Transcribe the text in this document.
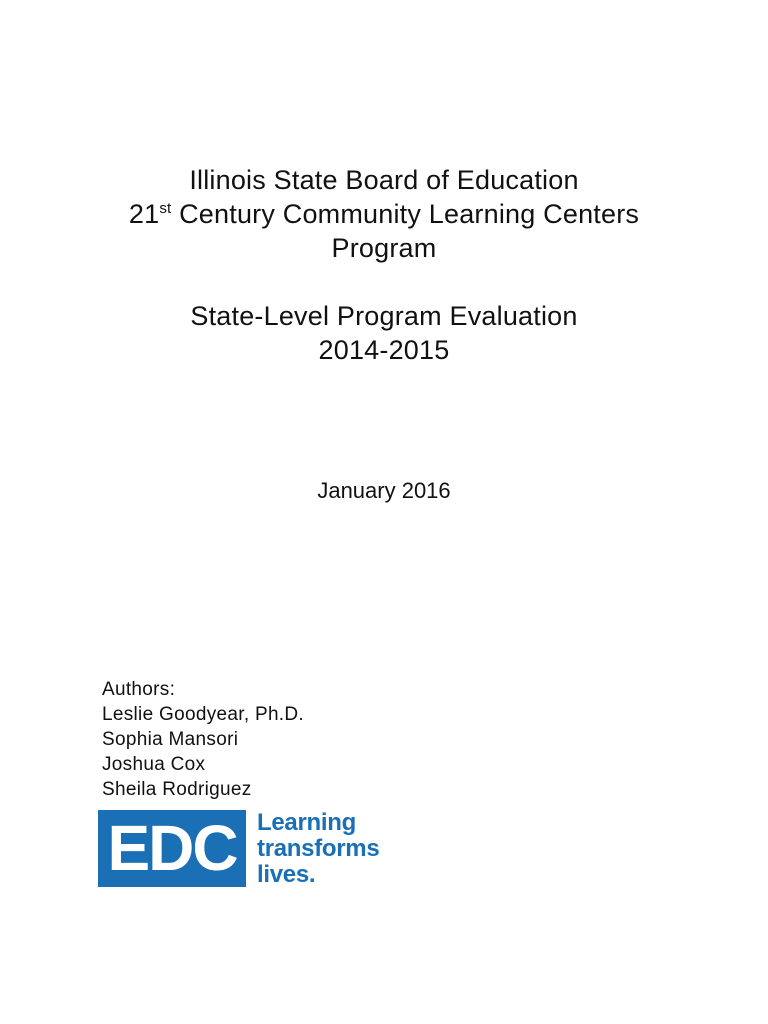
Illinois State Board of Education
21st Century Community Learning Centers
Program
State-Level Program Evaluation
2014-2015
January 2016
Authors:
Leslie Goodyear, Ph.D.
Sophia Mansori
Joshua Cox
Sheila Rodriguez
EDC Learning
transforms
lives.
